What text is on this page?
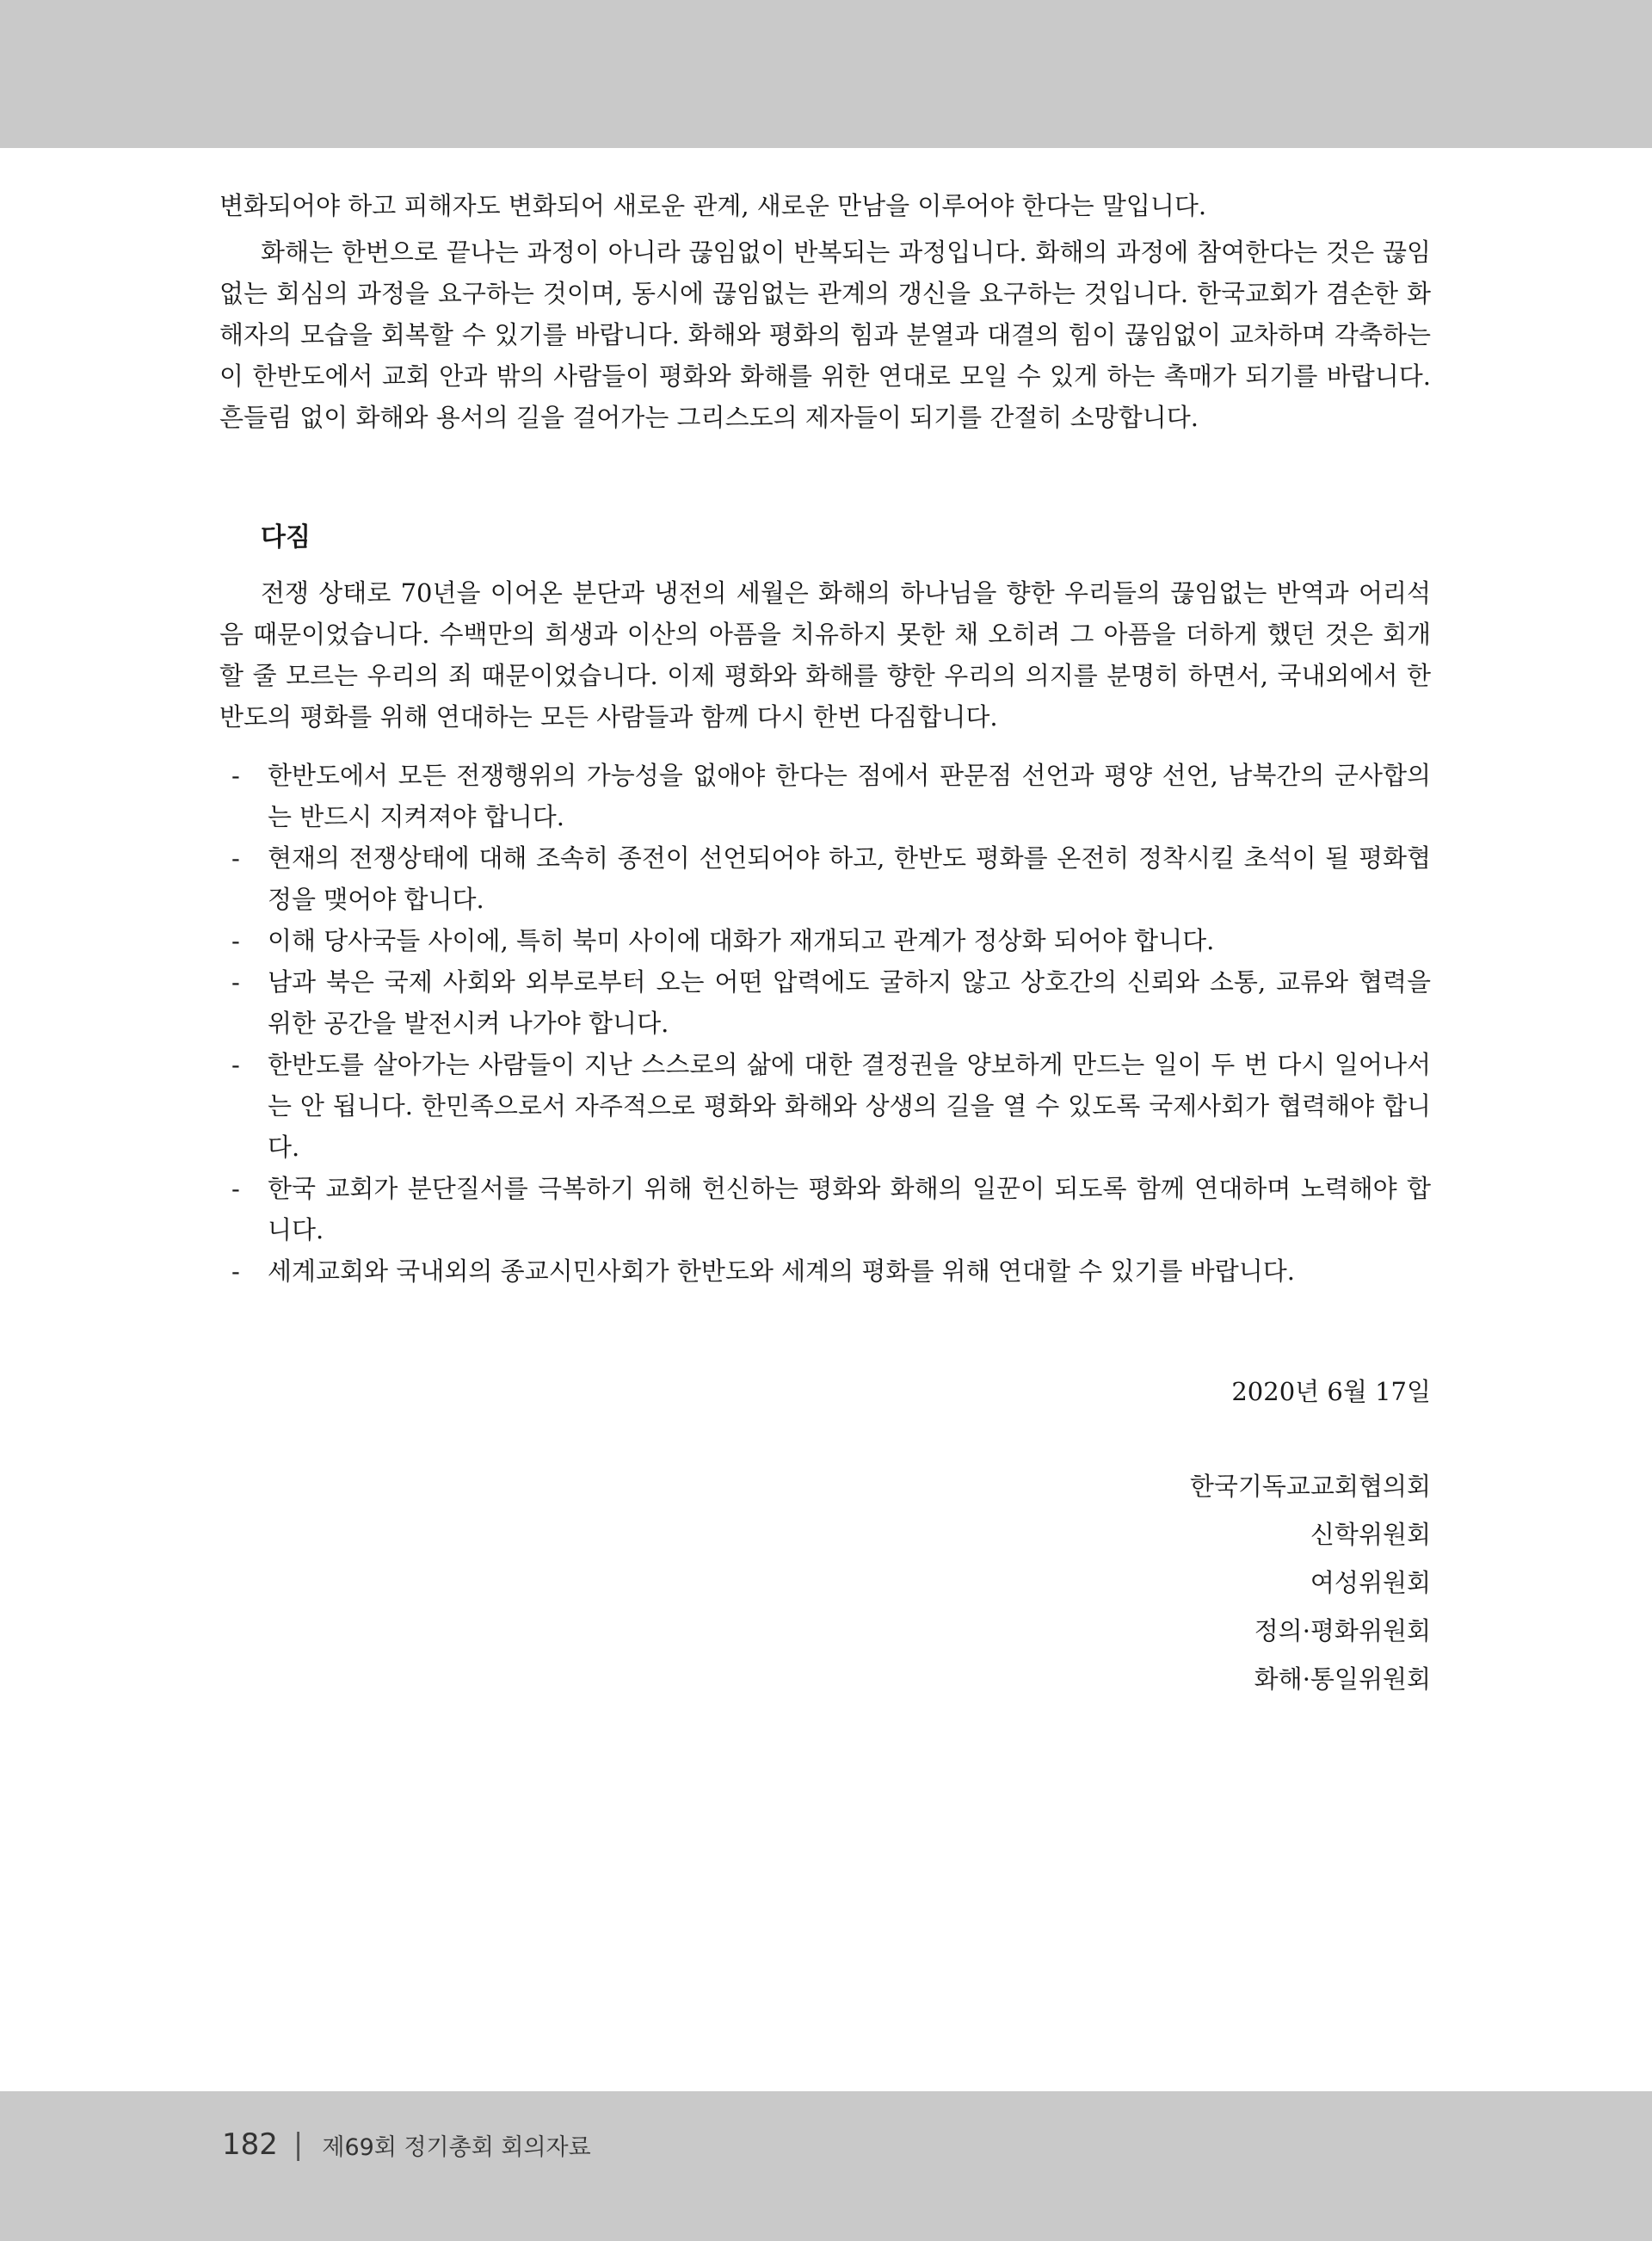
변화되어야 하고 피해자도 변화되어 새로운 관계, 새로운 만남을 이루어야 한다는 말입니다.

화해는 한번으로 끝나는 과정이 아니라 끊임없이 반복되는 과정입니다. 화해의 과정에 참여한다는 것은 끊임없는 회심의 과정을 요구하는 것이며, 동시에 끊임없는 관계의 갱신을 요구하는 것입니다. 한국교회가 겸손한 화해자의 모습을 회복할 수 있기를 바랍니다. 화해와 평화의 힘과 분열과 대결의 힘이 끊임없이 교차하며 각축하는 이 한반도에서 교회 안과 밖의 사람들이 평화와 화해를 위한 연대로 모일 수 있게 하는 촉매가 되기를 바랍니다. 흔들림 없이 화해와 용서의 길을 걸어가는 그리스도의 제자들이 되기를 간절히 소망합니다.

다짐

전쟁 상태로 70년을 이어온 분단과 냉전의 세월은 화해의 하나님을 향한 우리들의 끊임없는 반역과 어리석음 때문이었습니다. 수백만의 희생과 이산의 아픔을 치유하지 못한 채 오히려 그 아픔을 더하게 했던 것은 회개할 줄 모르는 우리의 죄 때문이었습니다. 이제 평화와 화해를 향한 우리의 의지를 분명히 하면서, 국내외에서 한반도의 평화를 위해 연대하는 모든 사람들과 함께 다시 한번 다짐합니다.

- 한반도에서 모든 전쟁행위의 가능성을 없애야 한다는 점에서 판문점 선언과 평양 선언, 남북간의 군사합의는 반드시 지켜져야 합니다.
- 현재의 전쟁상태에 대해 조속히 종전이 선언되어야 하고, 한반도 평화를 온전히 정착시킬 초석이 될 평화협정을 맺어야 합니다.
- 이해 당사국들 사이에, 특히 북미 사이에 대화가 재개되고 관계가 정상화 되어야 합니다.
- 남과 북은 국제 사회와 외부로부터 오는 어떤 압력에도 굴하지 않고 상호간의 신뢰와 소통, 교류와 협력을 위한 공간을 발전시켜 나가야 합니다.
- 한반도를 살아가는 사람들이 지난 스스로의 삶에 대한 결정권을 양보하게 만드는 일이 두 번 다시 일어나서는 안 됩니다. 한민족으로서 자주적으로 평화와 화해와 상생의 길을 열 수 있도록 국제사회가 협력해야 합니다.
- 한국 교회가 분단질서를 극복하기 위해 헌신하는 평화와 화해의 일꾼이 되도록 함께 연대하며 노력해야 합니다.
- 세계교회와 국내외의 종교시민사회가 한반도와 세계의 평화를 위해 연대할 수 있기를 바랍니다.

2020년 6월 17일

한국기독교교회협의회

신학위원회

여성위원회

정의·평화위원회

화해·통일위원회

182 | 제69회 정기총회 회의자료
